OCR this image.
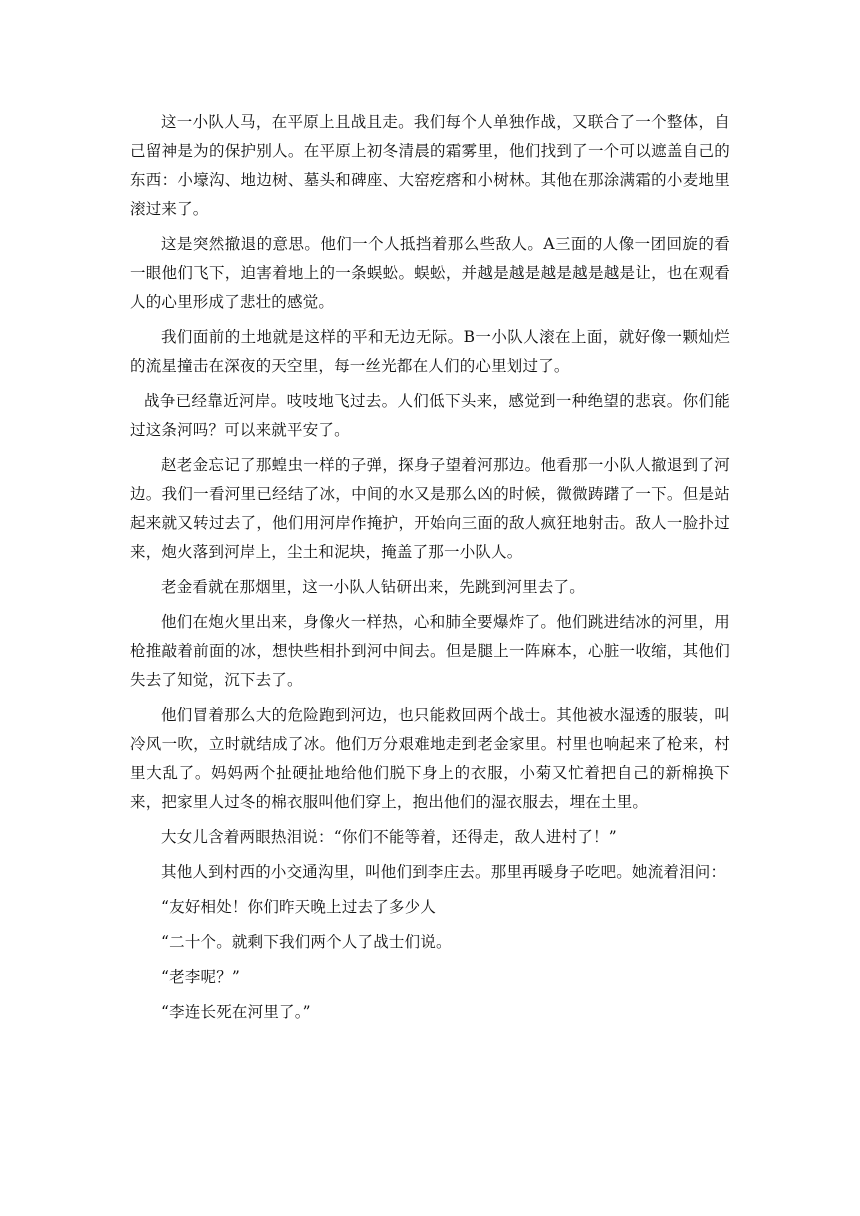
这一小队人马，在平原上且战且走。我们每个人单独作战，又联合了一个整体，自己留神是为的保护别人。在平原上初冬清晨的霜雾里，他们找到了一个可以遮盖自己的东西：小壕沟、地边树、墓头和碑座、大窑疙瘩和小树林。其他在那涂满霜的小麦地里滚过来了。

这是突然撤退的意思。他们一个人抵挡着那么些敌人。A三面的人像一团回旋的看一眼他们飞下，迫害着地上的一条蜈蚣。蜈蚣，并越是越是越是越是越是让，也在观看人的心里形成了悲壮的感觉。

我们面前的土地就是这样的平和无边无际。B一小队人滚在上面，就好像一颗灿烂的流星撞击在深夜的天空里，每一丝光都在人们的心里划过了。

战争已经靠近河岸。吱吱地飞过去。人们低下头来，感觉到一种绝望的悲哀。你们能过这条河吗？可以来就平安了。

赵老金忘记了那蝗虫一样的子弹，探身子望着河那边。他看那一小队人撤退到了河边。我们一看河里已经结了冰，中间的水又是那么凶的时候，微微踌躇了一下。但是站起来就又转过去了，他们用河岸作掩护，开始向三面的敌人疯狂地射击。敌人一脸扑过来，炮火落到河岸上，尘土和泥块，掩盖了那一小队人。

老金看就在那烟里，这一小队人钻研出来，先跳到河里去了。

他们在炮火里出来，身像火一样热，心和肺全要爆炸了。他们跳进结冰的河里，用枪推敲着前面的冰，想快些相扑到河中间去。但是腿上一阵麻本，心脏一收缩，其他们失去了知觉，沉下去了。

他们冒着那么大的危险跑到河边，也只能救回两个战士。其他被水湿透的服装，叫冷风一吹，立时就结成了冰。他们万分艰难地走到老金家里。村里也响起来了枪来，村里大乱了。妈妈两个扯硬扯地给他们脱下身上的衣服，小菊又忙着把自己的新棉换下来，把家里人过冬的棉衣服叫他们穿上，抱出他们的湿衣服去，埋在土里。

大女儿含着两眼热泪说：“你们不能等着，还得走，敌人进村了！”

其他人到村西的小交通沟里，叫他们到李庄去。那里再暖身子吃吧。她流着泪问：

“友好相处！你们昨天晚上过去了多少人

“二十个。就剩下我们两个人了战士们说。

“老李呢？”

“李连长死在河里了。”
